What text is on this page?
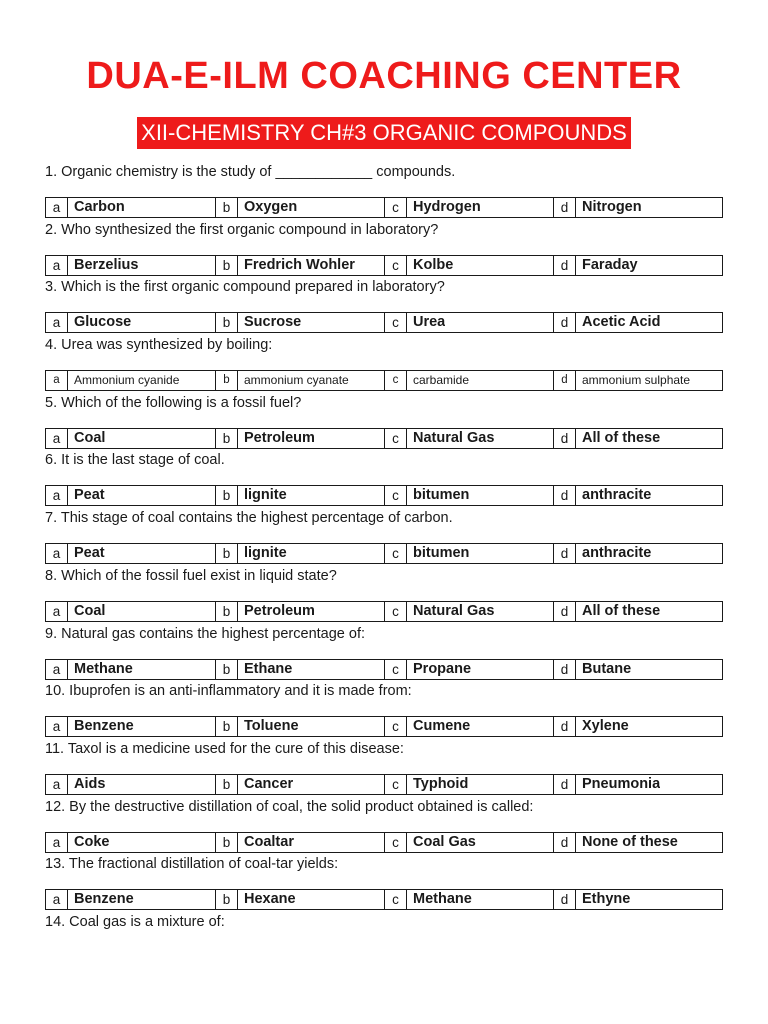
DUA-E-ILM COACHING CENTER
XII-CHEMISTRY CH#3 ORGANIC COMPOUNDS
1. Organic chemistry is the study of ____________ compounds.
a Carbon	b Oxygen	c Hydrogen	d Nitrogen
2. Who synthesized the first organic compound in laboratory?
a Berzelius	b Fredrich Wohler	c Kolbe	d Faraday
3. Which is the first organic compound prepared in laboratory?
a Glucose	b Sucrose	c Urea	d Acetic Acid
4. Urea was synthesized by boiling:
a	Ammonium cyanide	b	ammonium cyanate	c	carbamide	d	ammonium sulphate
5. Which of the following is a fossil fuel?
a Coal	b Petroleum	c Natural Gas	d All of these
6. It is the last stage of coal.
a Peat	b lignite	c bitumen	d anthracite
7. This stage of coal contains the highest percentage of carbon.
a Peat	b lignite	c bitumen	d anthracite
8. Which of the fossil fuel exist in liquid state?
a Coal	b Petroleum	c Natural Gas	d All of these
9. Natural gas contains the highest percentage of:
a Methane	b Ethane	c Propane	d Butane
10. Ibuprofen is an anti-inflammatory and it is made from:
a Benzene	b Toluene	c Cumene	d Xylene
11. Taxol is a medicine used for the cure of this disease:
a Aids	b Cancer	c Typhoid	d Pneumonia
12. By the destructive distillation of coal, the solid product obtained is called:
a Coke	b Coaltar	c Coal Gas	d None of these
13. The fractional distillation of coal-tar yields:
a Benzene	b Hexane	c Methane	d Ethyne
14. Coal gas is a mixture of:
